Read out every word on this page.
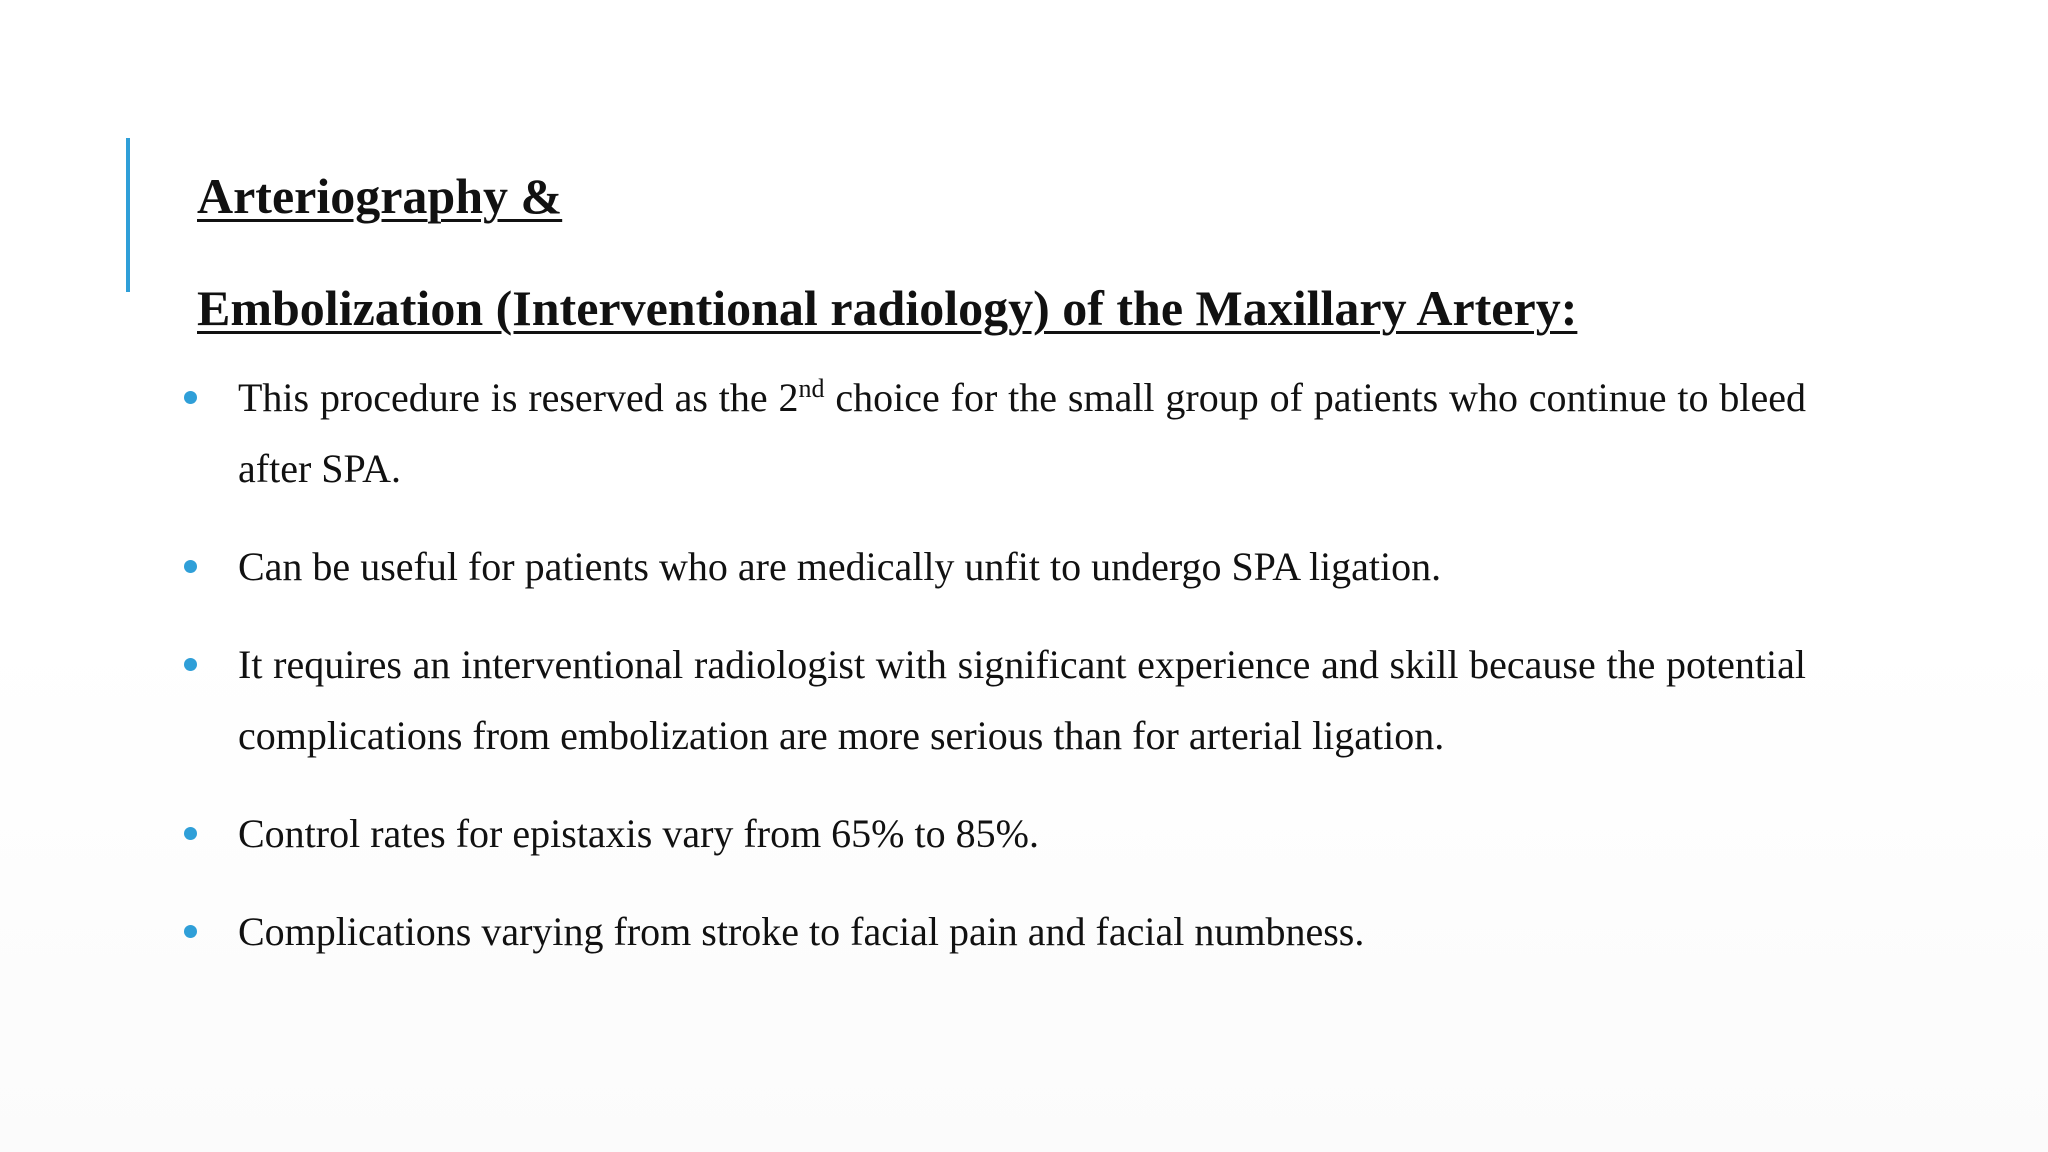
Arteriography &
Embolization (Interventional radiology) of the Maxillary Artery:
This procedure is reserved as the 2nd choice for the small group of patients who continue to bleed after SPA.
Can be useful for patients who are medically unfit to undergo SPA ligation.
It requires an interventional radiologist with significant experience and skill because the potential complications from embolization are more serious than for arterial ligation.
Control rates for epistaxis vary from 65% to 85%.
Complications varying from stroke to facial pain and facial numbness.
